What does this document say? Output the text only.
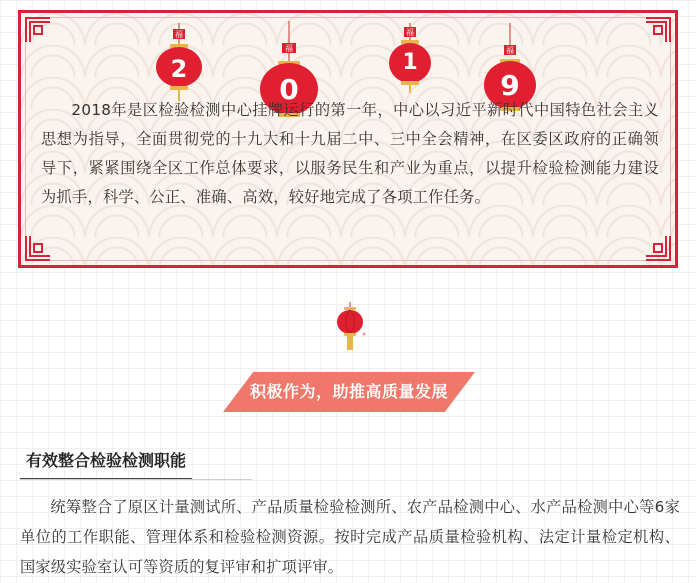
福
2
福
0
福
1	福
9

2018年是区检验检测中心挂牌运行的第一年，中心以习近平新时代中国特色社会主义思想为指导，全面贯彻党的十九大和十九届二中、三中全会精神，在区委区政府的正确领导下，紧紧围绕全区工作总体要求，以服务民生和产业为重点，以提升检验检测能力建设为抓手，科学、公正、准确、高效，较好地完成了各项工作任务。

积极作为，助推高质量发展
有效整合检验检测职能

统筹整合了原区计量测试所、产品质量检验检测所、农产品检测中心、水产品检测中心等6家单位的工作职能、管理体系和检验检测资源。按时完成产品质量检验机构、法定计量检定机构、国家级实验室认可等资质的复评审和扩项评审。
